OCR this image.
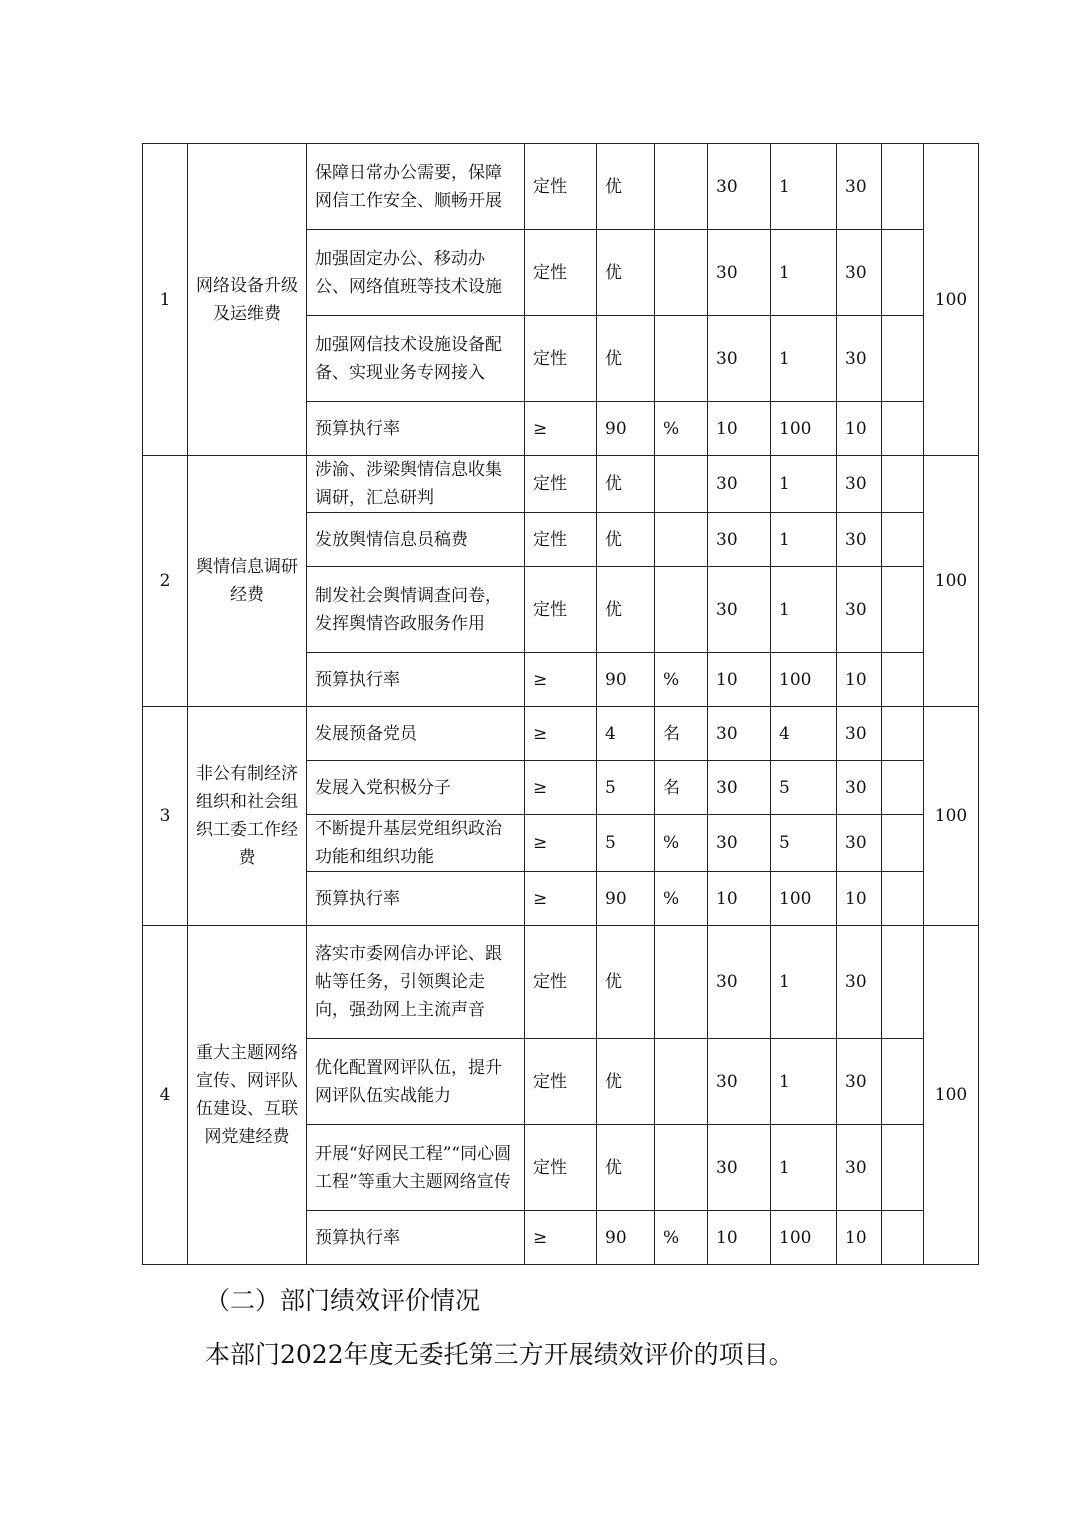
1	网络设备升级及运维费	保障日常办公需要，保障网信工作安全、顺畅开展	定性	优		30	1	30		100
		加强固定办公、移动办公、网络值班等技术设施	定性	优		30	1	30		
		加强网信技术设施设备配备、实现业务专网接入	定性	优		30	1	30		
		预算执行率	≥	90	%	10	100	10		
2	舆情信息调研经费	涉渝、涉梁舆情信息收集调研，汇总研判	定性	优		30	1	30		100
		发放舆情信息员稿费	定性	优		30	1	30		
		制发社会舆情调查问卷，发挥舆情咨政服务作用	定性	优		30	1	30		
		预算执行率	≥	90	%	10	100	10		
3	非公有制经济组织和社会组织工委工作经费	发展预备党员	≥	4	名	30	4	30		100
		发展入党积极分子	≥	5	名	30	5	30		
		不断提升基层党组织政治功能和组织功能	≥	5	%	30	5	30		
		预算执行率	≥	90	%	10	100	10		
4	重大主题网络宣传、网评队伍建设、互联网党建经费	落实市委网信办评论、跟帖等任务，引领舆论走向，强劲网上主流声音	定性	优		30	1	30		100
		优化配置网评队伍，提升网评队伍实战能力	定性	优		30	1	30		
		开展“好网民工程”“同心圆工程”等重大主题网络宣传	定性	优		30	1	30		
		预算执行率	≥	90	%	10	100	10		
（二）部门绩效评价情况
本部门2022年度无委托第三方开展绩效评价的项目。
